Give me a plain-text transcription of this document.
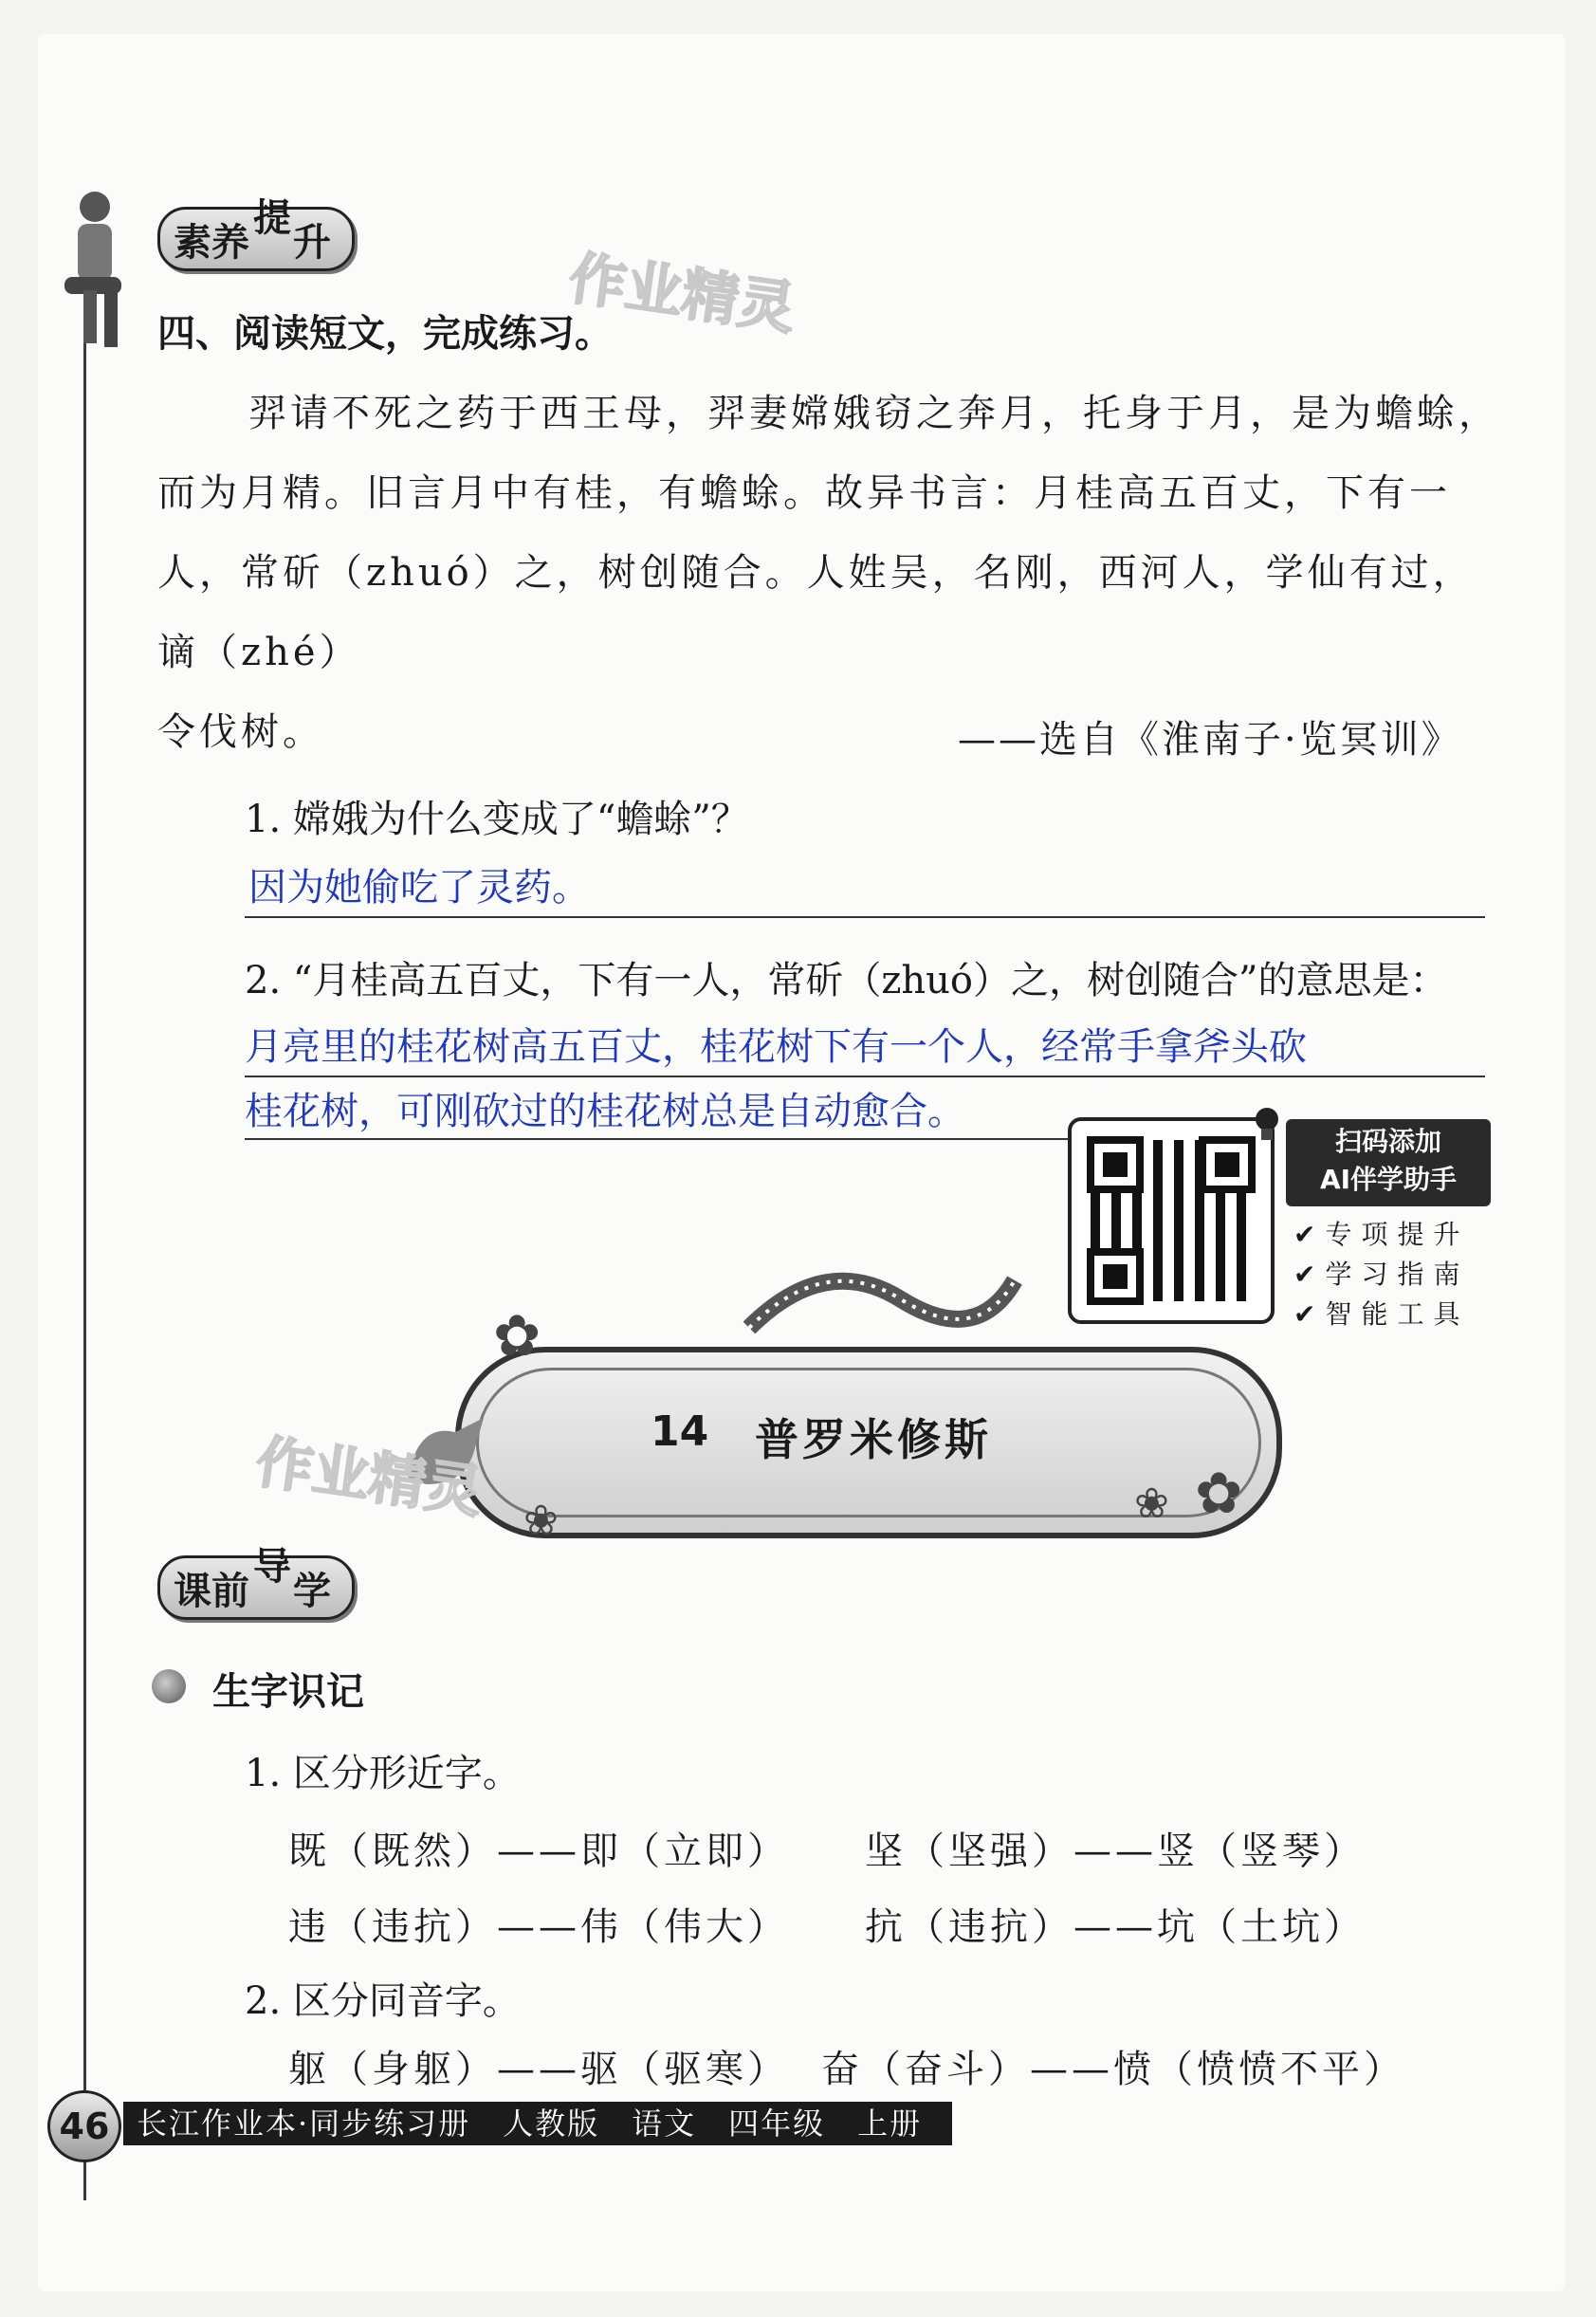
素养
提
升
作业精灵
四、阅读短文，完成练习。
羿请不死之药于西王母，羿妻嫦娥窃之奔月，托身于月，是为蟾蜍，
而为月精。旧言月中有桂，有蟾蜍。故异书言：月桂高五百丈，下有一
人，常斫（zhuó）之，树创随合。人姓吴，名刚，西河人，学仙有过，谪（zhé）
令伐树。	——选自《淮南子·览冥训》
1. 嫦娥为什么变成了“蟾蜍”？
因为她偷吃了灵药。
2. “月桂高五百丈，下有一人，常斫（zhuó）之，树创随合”的意思是：
月亮里的桂花树高五百丈，桂花树下有一个人，经常手拿斧头砍
桂花树，可刚砍过的桂花树总是自动愈合。
扫码添加
AI伴学助手
✔专项提升
✔学习指南
✔智能工具
14 普罗米修斯
✿
✿
❀
❀
作业精灵
课前
导
学
生字识记
1. 区分形近字。
既（既然）——即（立即） 坚（坚强）——竖（竖琴）
违（违抗）——伟（伟大） 抗（违抗）——坑（土坑）
2. 区分同音字。
躯（身躯）——驱（驱寒） 奋（奋斗）——愤（愤愤不平）
46 长江作业本·同步练习册　人教版　语文　四年级　上册
